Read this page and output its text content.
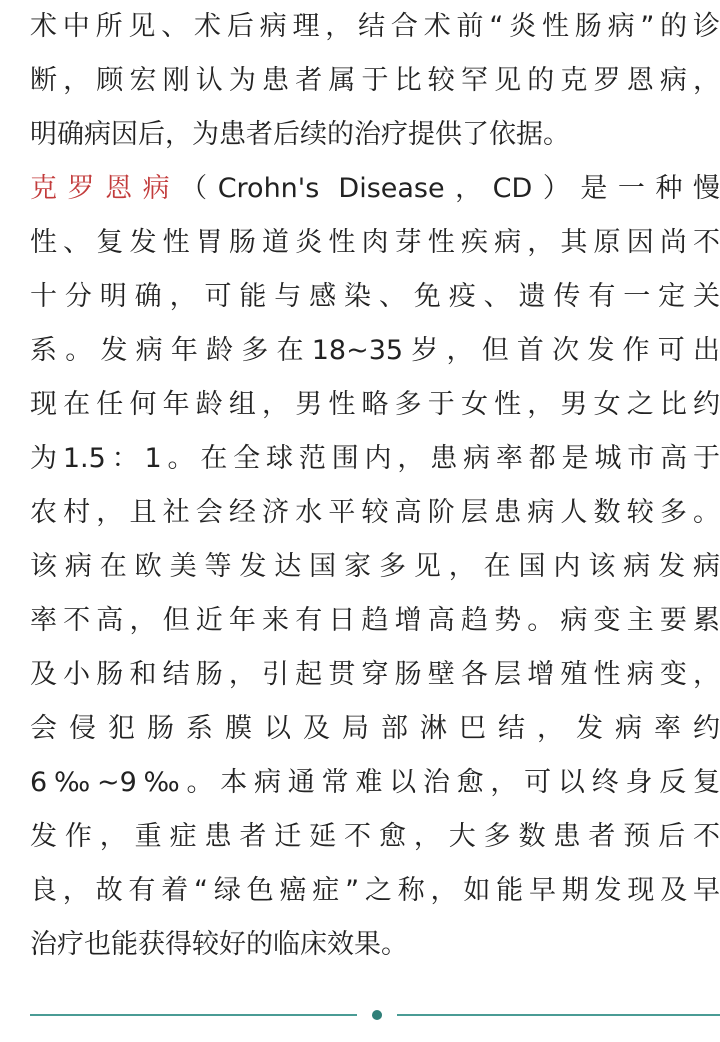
术中所见、术后病理，结合术前“炎性肠病”的诊
断，顾宏刚认为患者属于比较罕见的克罗恩病，
明确病因后，为患者后续的治疗提供了依据。
克罗恩病（Crohn's Disease，CD）是一种慢
性、复发性胃肠道炎性肉芽性疾病，其原因尚不
十分明确，可能与感染、免疫、遗传有一定关
系。发病年龄多在18~35岁，但首次发作可出
现在任何年龄组，男性略多于女性，男女之比约
为1.5：1。在全球范围内，患病率都是城市高于
农村，且社会经济水平较高阶层患病人数较多。
该病在欧美等发达国家多见，在国内该病发病
率不高，但近年来有日趋增高趋势。病变主要累
及小肠和结肠，引起贯穿肠壁各层增殖性病变，
会侵犯肠系膜以及局部淋巴结，发病率约
6‰~9‰。本病通常难以治愈，可以终身反复
发作，重症患者迁延不愈，大多数患者预后不
良，故有着“绿色癌症”之称，如能早期发现及早
治疗也能获得较好的临床效果。
